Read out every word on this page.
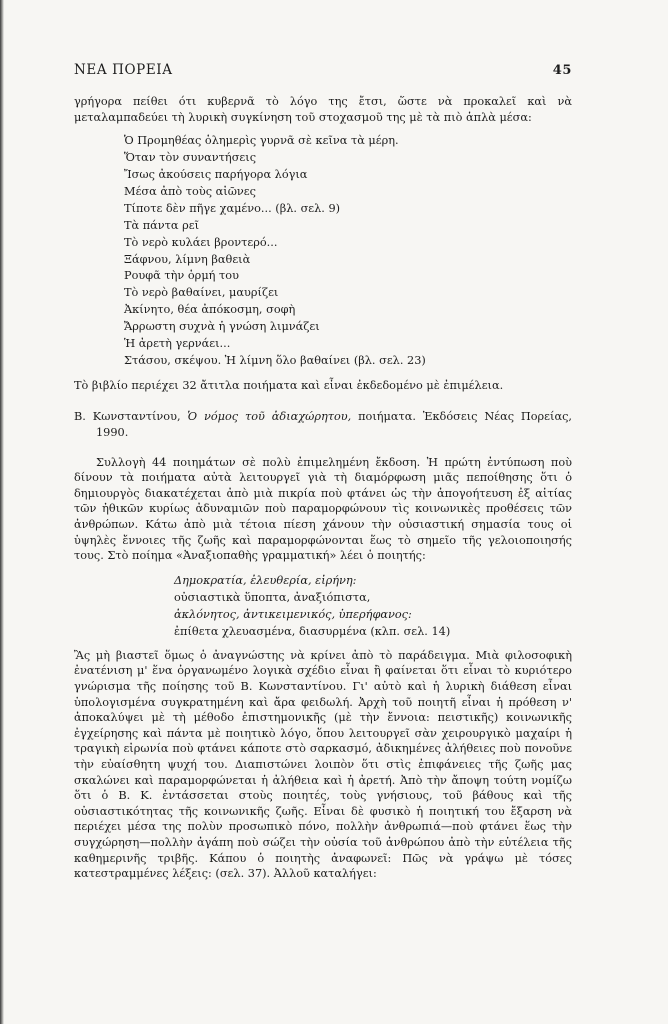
ΝΕΑ ΠΟΡΕΙΑ	45

γρήγορα πείθει ότι κυβερνᾶ τὸ λόγο της ἔτσι, ὥστε νὰ προκαλεῖ καὶ νὰ μεταλαμπαδεύει τὴ λυρικὴ συγκίνηση τοῦ στοχασμοῦ της μὲ τὰ πιὸ ἁπλὰ μέσα:

Ὁ Προμηθέας ὁλημερὶς γυρνᾶ σὲ κεῖνα τὰ μέρη.
Ὅταν τὸν συναντήσεις
Ἴσως ἀκούσεις παρήγορα λόγια
Μέσα ἀπὸ τοὺς αἰῶνες
Τίποτε δὲν πῆγε χαμένο... (βλ. σελ. 9)
Τὰ πάντα ρεῖ
Τὸ νερὸ κυλάει βροντερό...
Ξάφνου, λίμνη βαθειὰ
Ρουφᾶ τὴν ὁρμή του
Τὸ νερὸ βαθαίνει, μαυρίζει
Ἀκίνητο, θέα ἀπόκοσμη, σοφὴ
Ἄρρωστη συχνὰ ἡ γνώση λιμνάζει
Ἡ ἀρετὴ γερνάει...
Στάσου, σκέψου. Ἡ λίμνη ὅλο βαθαίνει (βλ. σελ. 23)

Τὸ βιβλίο περιέχει 32 ἄτιτλα ποιήματα καὶ εἶναι ἐκδεδομένο μὲ ἐπιμέλεια.

Β. Κωνσταντίνου, Ὁ νόμος τοῦ ἀδιαχώρητου, ποιήματα. Ἐκδόσεις Νέας Πορείας, 1990.

Συλλογὴ 44 ποιημάτων σὲ πολὺ ἐπιμελημένη ἔκδοση. Ἡ πρώτη ἐντύπωση ποὺ δίνουν τὰ ποιήματα αὐτὰ λειτουργεῖ γιὰ τὴ διαμόρφωση μιᾶς πεποίθησης ὅτι ὁ δημιουργὸς διακατέχεται ἀπὸ μιὰ πικρία ποὺ φτάνει ὡς τὴν ἀπογοήτευση ἐξ αἰτίας τῶν ἠθικῶν κυρίως ἀδυναμιῶν ποὺ παραμορφώνουν τὶς κοινωνικὲς προθέσεις τῶν ἀνθρώπων. Κάτω ἀπὸ μιὰ τέτοια πίεση χάνουν τὴν οὐσιαστική σημασία τους οἱ ὑψηλὲς ἔννοιες τῆς ζωῆς καὶ παραμορφώνονται ἕως τὸ σημεῖο τῆς γελοιοποιησής τους. Στὸ ποίημα «Ἀναξιοπαθὴς γραμματική» λέει ὁ ποιητής:

Δημοκρατία, ἐλευθερία, εἰρήνη:
οὐσιαστικὰ ὕποπτα, ἀναξιόπιστα,
ἀκλόνητος, ἀντικειμενικός, ὑπερήφανος:
ἐπίθετα χλευασμένα, διασυρμένα (κλπ. σελ. 14)

Ἂς μὴ βιαστεῖ ὅμως ὁ ἀναγνώστης νὰ κρίνει ἀπὸ τὸ παράδειγμα. Μιὰ φιλοσοφικὴ ἐνατένιση μ' ἕνα ὀργανωμένο λογικὰ σχέδιο εἶναι ἢ φαίνεται ὅτι εἶναι τὸ κυριότερο γνώρισμα τῆς ποίησης τοῦ Β. Κωνσταντίνου. Γι' αὐτὸ καὶ ἡ λυρικὴ διάθεση εἶναι ὑπολογισμένα συγκρατημένη καὶ ἄρα φειδωλή. Ἀρχὴ τοῦ ποιητῆ εἶναι ἡ πρόθεση ν' ἀποκαλύψει μὲ τὴ μέθοδο ἐπιστημονικῆς (μὲ τὴν ἔννοια: πειστικῆς) κοινωνικῆς ἐγχείρησης καὶ πάντα μὲ ποιητικὸ λόγο, ὅπου λειτουργεῖ σὰν χειρουργικὸ μαχαίρι ἡ τραγικὴ εἰρωνία ποὺ φτάνει κάποτε στὸ σαρκασμό, ἀδικημένες ἀλήθειες ποὺ πονοῦνε τὴν εὐαίσθητη ψυχή του. Διαπιστώνει λοιπὸν ὅτι στὶς ἐπιφάνειες τῆς ζωῆς μας σκαλώνει καὶ παραμορφώνεται ἡ ἀλήθεια καὶ ἡ ἀρετή. Ἀπὸ τὴν ἄποψη τούτη νομίζω ὅτι ὁ Β. Κ. ἐντάσσεται στοὺς ποιητές, τοὺς γνήσιους, τοῦ βάθους καὶ τῆς οὐσιαστικότητας τῆς κοινωνικῆς ζωῆς. Εἶναι δὲ φυσικὸ ἡ ποιητική του ἔξαρση νὰ περιέχει μέσα της πολὺν προσωπικὸ πόνο, πολλὴν ἀνθρωπιά—ποὺ φτάνει ἕως τὴν συγχώρηση—πολλὴν ἀγάπη ποὺ σώζει τὴν οὐσία τοῦ ἀνθρώπου ἀπὸ τὴν εὐτέλεια τῆς καθημερινῆς τριβῆς. Κάπου ὁ ποιητὴς ἀναφωνεῖ: Πῶς νὰ γράψω μὲ τόσες κατεστραμμένες λέξεις: (σελ. 37). Ἀλλοῦ καταλήγει:
